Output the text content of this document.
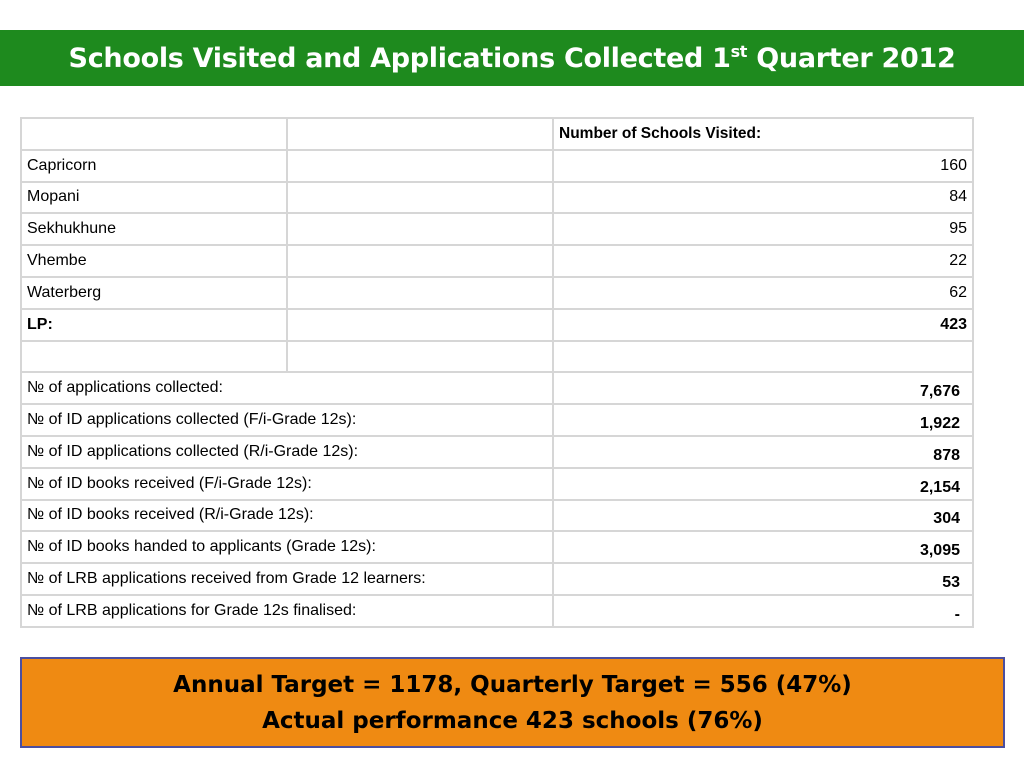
Schools Visited and Applications Collected 1st Quarter 2012
		Number of Schools Visited:
Capricorn		160
Mopani		84
Sekhukhune		95
Vhembe		22
Waterberg		62
LP:		423

№ of applications collected:		7,676
№ of ID applications collected (F/i-Grade 12s):		1,922
№ of ID applications collected (R/i-Grade 12s):		878
№ of ID books received (F/i-Grade 12s):		2,154
№ of ID books received (R/i-Grade 12s):		304
№ of ID books handed to applicants (Grade 12s):		3,095
№ of LRB applications received from Grade 12 learners:		53
№ of LRB applications for Grade 12s finalised:		-
Annual Target = 1178, Quarterly Target = 556 (47%)
Actual performance 423 schools (76%)
